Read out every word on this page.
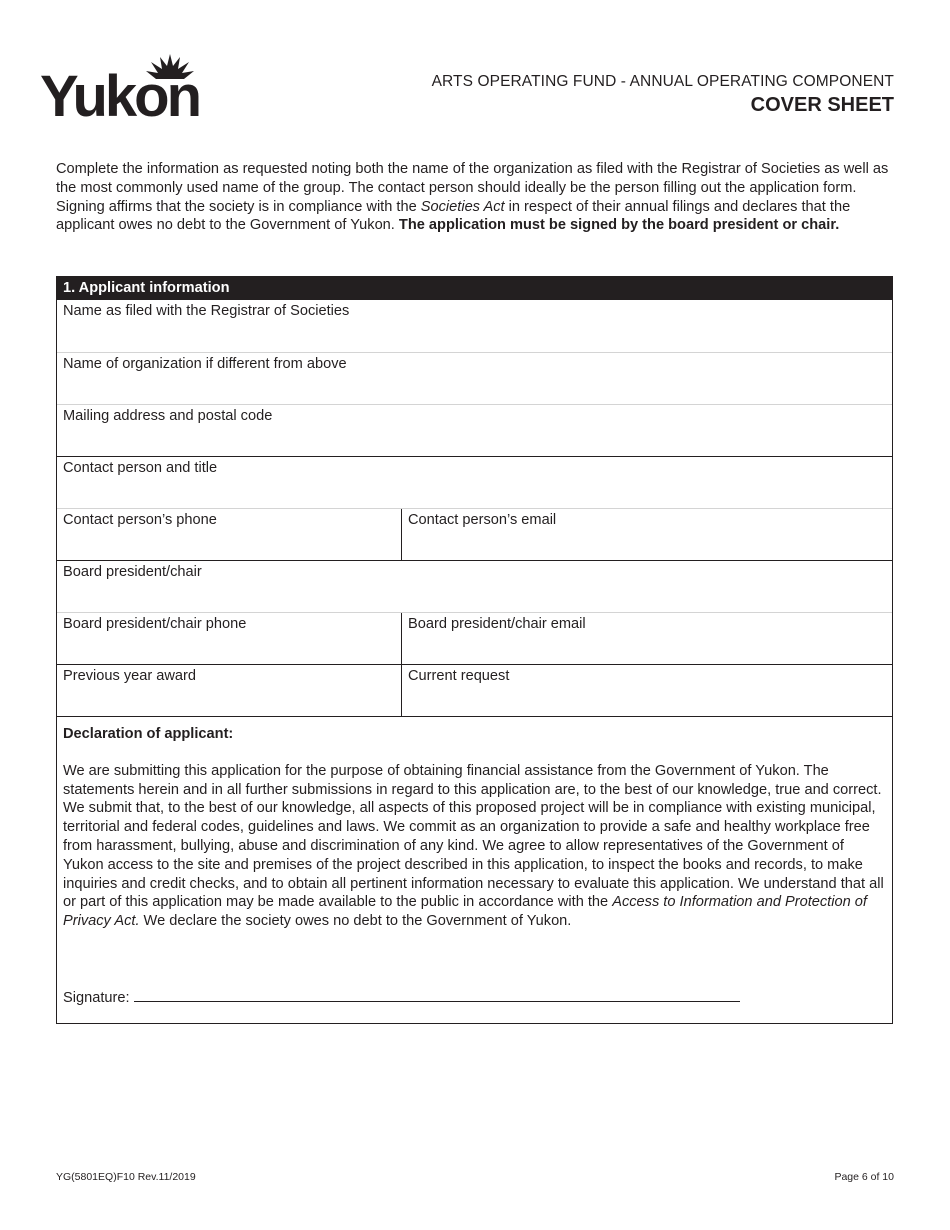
Yukon	ARTS OPERATING FUND - ANNUAL OPERATING COMPONENT
COVER SHEET

Complete the information as requested noting both the name of the organization as filed with the Registrar of Societies as well as the most commonly used name of the group. The contact person should ideally be the person filling out the application form. Signing affirms that the society is in compliance with the Societies Act in respect of their annual filings and declares that the applicant owes no debt to the Government of Yukon. The application must be signed by the board president or chair.

1. Applicant information
Name as filed with the Registrar of Societies
Name of organization if different from above
Mailing address and postal code
Contact person and title
Contact person’s phone	Contact person’s email
Board president/chair
Board president/chair phone	Board president/chair email
Previous year award	Current request

Declaration of applicant:

We are submitting this application for the purpose of obtaining financial assistance from the Government of Yukon. The statements herein and in all further submissions in regard to this application are, to the best of our knowledge, true and correct. We submit that, to the best of our knowledge, all aspects of this proposed project will be in compliance with existing municipal, territorial and federal codes, guidelines and laws. We commit as an organization to provide a safe and healthy workplace free from harassment, bullying, abuse and discrimination of any kind. We agree to allow representatives of the Government of Yukon access to the site and premises of the project described in this application, to inspect the books and records, to make inquiries and credit checks, and to obtain all pertinent information necessary to evaluate this application. We understand that all or part of this application may be made available to the public in accordance with the Access to Information and Protection of Privacy Act. We declare the society owes no debt to the Government of Yukon.

Signature:
YG(5801EQ)F10 Rev.11/2019	Page 6 of 10
